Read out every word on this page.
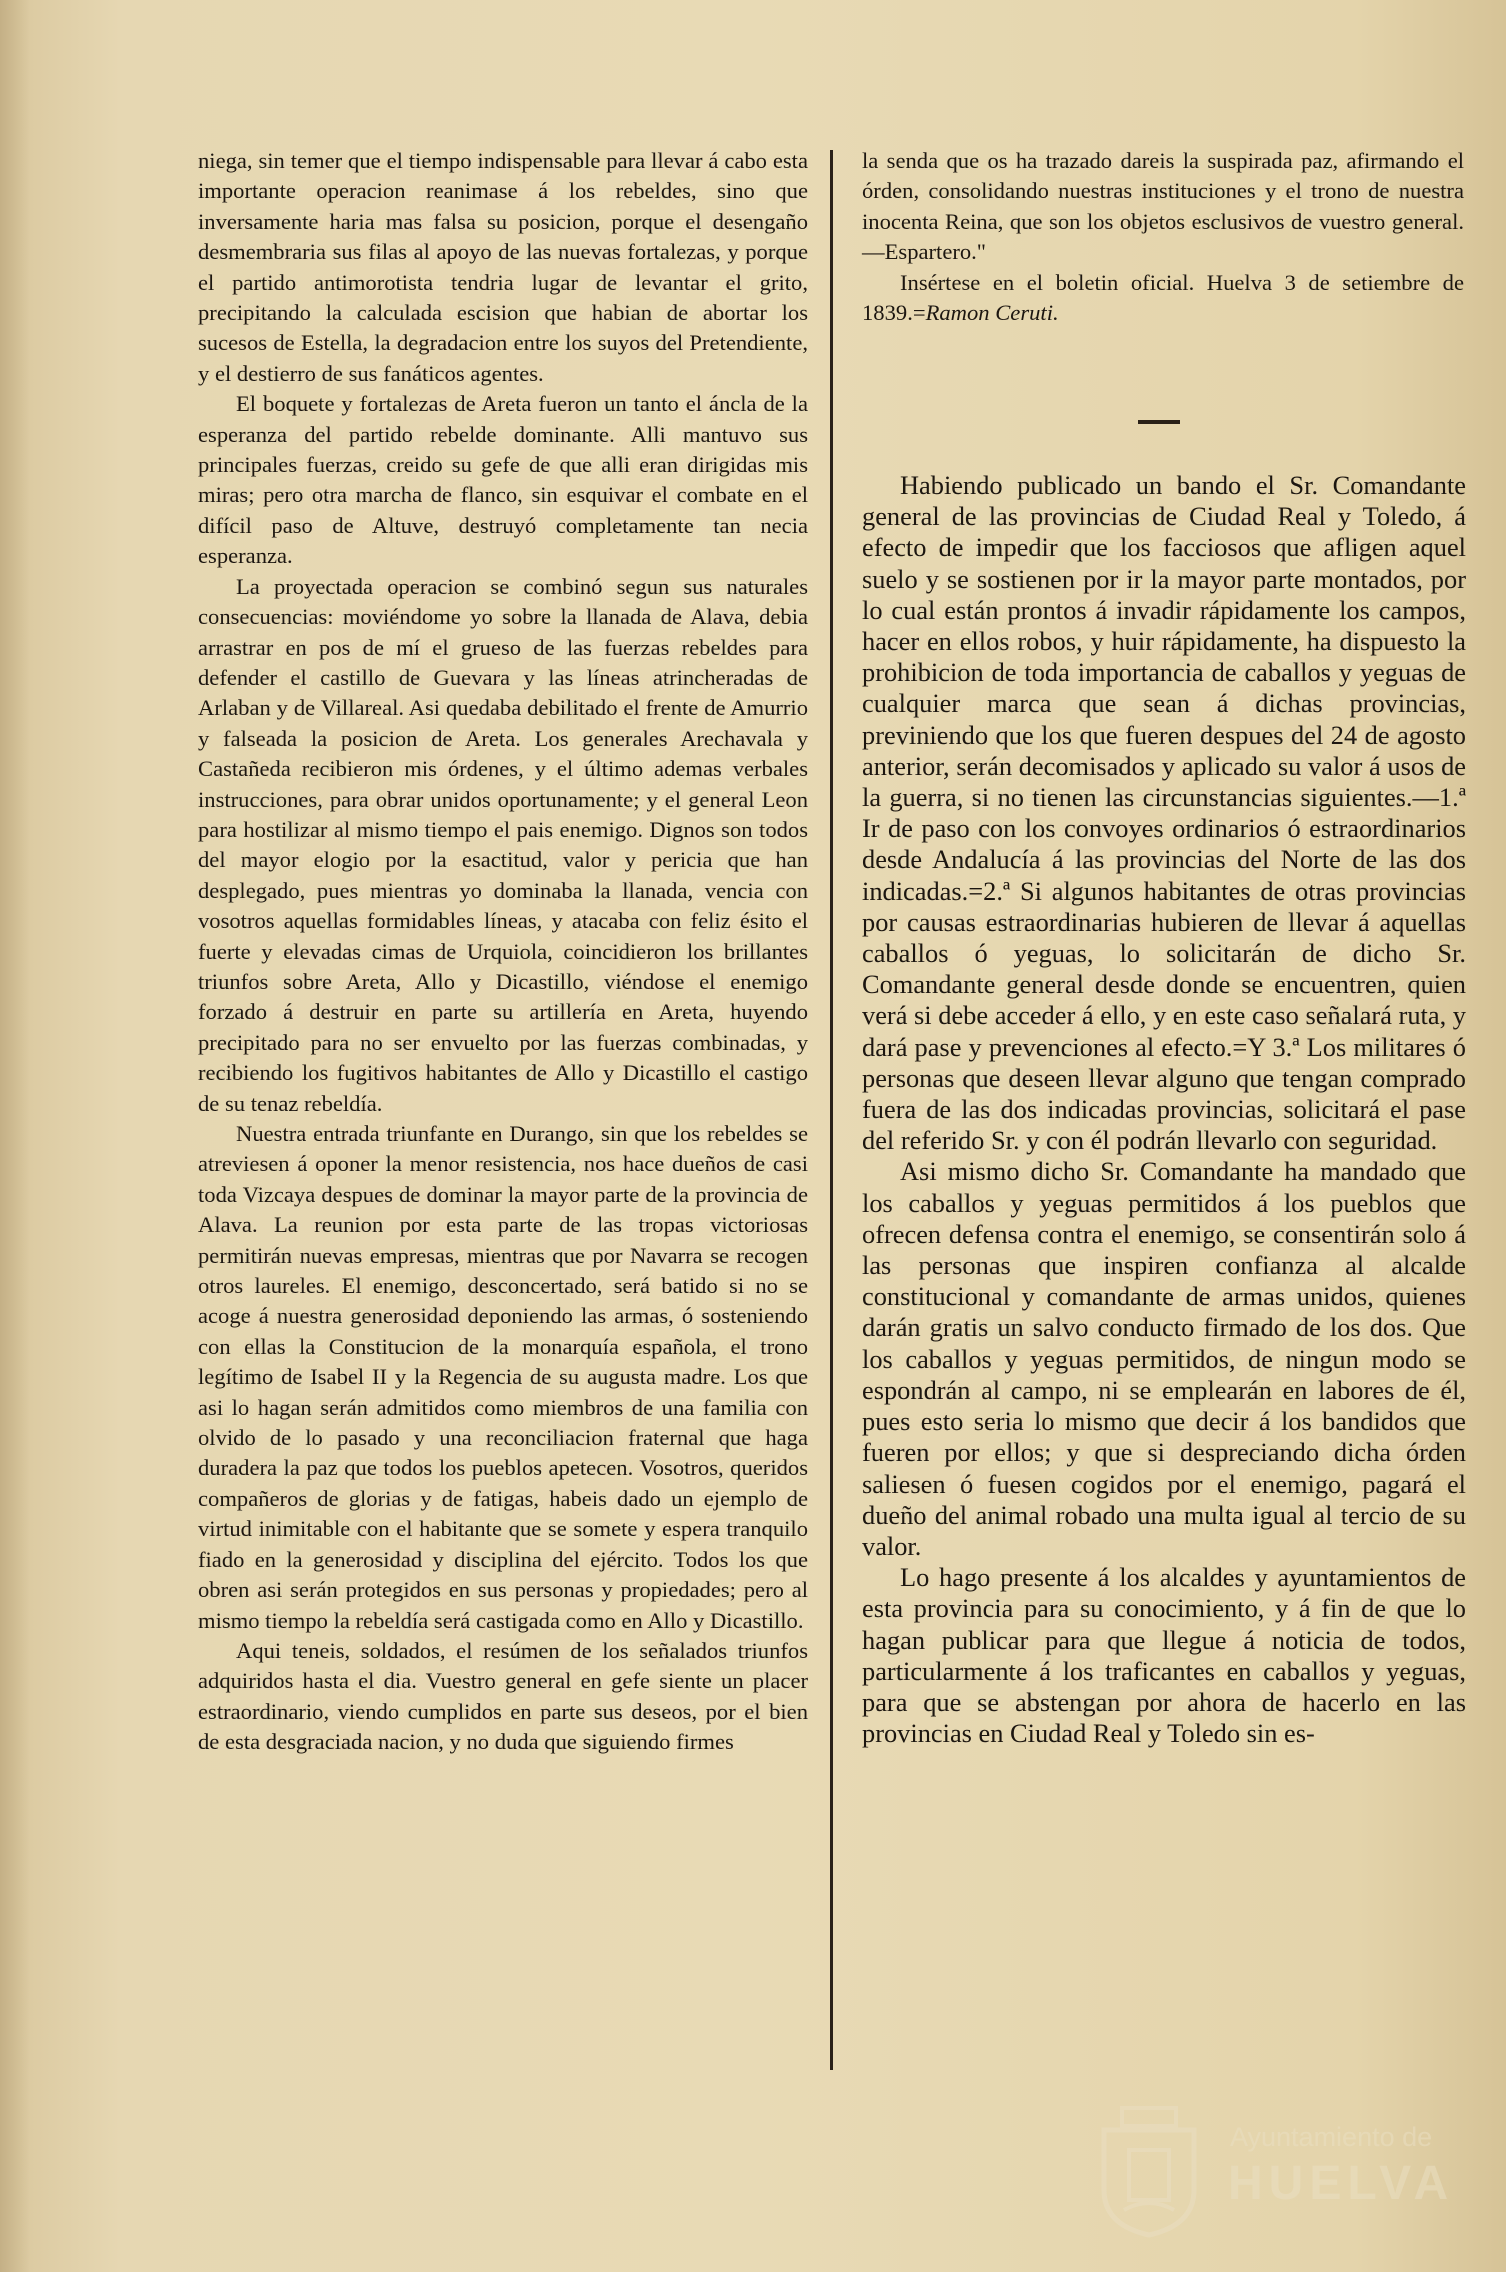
niega, sin temer que el tiempo indispensable para llevar á cabo esta importante operacion reanimase á los rebeldes, sino que inversamente haria mas falsa su posicion, porque el desengaño desmembraria sus filas al apoyo de las nuevas fortalezas, y porque el partido antimorotista tendria lugar de levantar el grito, precipitando la calculada escision que habian de abortar los sucesos de Estella, la degradacion entre los suyos del Pretendiente, y el destierro de sus fanáticos agentes.

El boquete y fortalezas de Areta fueron un tanto el áncla de la esperanza del partido rebelde dominante. Alli mantuvo sus principales fuerzas, creido su gefe de que alli eran dirigidas mis miras; pero otra marcha de flanco, sin esquivar el combate en el difícil paso de Altuve, destruyó completamente tan necia esperanza.

La proyectada operacion se combinó segun sus naturales consecuencias: moviéndome yo sobre la llanada de Alava, debia arrastrar en pos de mí el grueso de las fuerzas rebeldes para defender el castillo de Guevara y las líneas atrincheradas de Arlaban y de Villareal. Asi quedaba debilitado el frente de Amurrio y falseada la posicion de Areta. Los generales Arechavala y Castañeda recibieron mis órdenes, y el último ademas verbales instrucciones, para obrar unidos oportunamente; y el general Leon para hostilizar al mismo tiempo el pais enemigo. Dignos son todos del mayor elogio por la esactitud, valor y pericia que han desplegado, pues mientras yo dominaba la llanada, vencia con vosotros aquellas formidables líneas, y atacaba con feliz ésito el fuerte y elevadas cimas de Urquiola, coincidieron los brillantes triunfos sobre Areta, Allo y Dicastillo, viéndose el enemigo forzado á destruir en parte su artillería en Areta, huyendo precipitado para no ser envuelto por las fuerzas combinadas, y recibiendo los fugitivos habitantes de Allo y Dicastillo el castigo de su tenaz rebeldía.

Nuestra entrada triunfante en Durango, sin que los rebeldes se atreviesen á oponer la menor resistencia, nos hace dueños de casi toda Vizcaya despues de dominar la mayor parte de la provincia de Alava. La reunion por esta parte de las tropas victoriosas permitirán nuevas empresas, mientras que por Navarra se recogen otros laureles. El enemigo, desconcertado, será batido si no se acoge á nuestra generosidad deponiendo las armas, ó sosteniendo con ellas la Constitucion de la monarquía española, el trono legítimo de Isabel II y la Regencia de su augusta madre. Los que asi lo hagan serán admitidos como miembros de una familia con olvido de lo pasado y una reconciliacion fraternal que haga duradera la paz que todos los pueblos apetecen. Vosotros, queridos compañeros de glorias y de fatigas, habeis dado un ejemplo de virtud inimitable con el habitante que se somete y espera tranquilo fiado en la generosidad y disciplina del ejército. Todos los que obren asi serán protegidos en sus personas y propiedades; pero al mismo tiempo la rebeldía será castigada como en Allo y Dicastillo.

Aqui teneis, soldados, el resúmen de los señalados triunfos adquiridos hasta el dia. Vuestro general en gefe siente un placer estraordinario, viendo cumplidos en parte sus deseos, por el bien de esta desgraciada nacion, y no duda que siguiendo firmes

la senda que os ha trazado dareis la suspirada paz, afirmando el órden, consolidando nuestras instituciones y el trono de nuestra inocenta Reina, que son los objetos esclusivos de vuestro general.—Espartero."

Insértese en el boletin oficial. Huelva 3 de setiembre de 1839.=Ramon Ceruti.

Habiendo publicado un bando el Sr. Comandante general de las provincias de Ciudad Real y Toledo, á efecto de impedir que los facciosos que afligen aquel suelo y se sostienen por ir la mayor parte montados, por lo cual están prontos á invadir rápidamente los campos, hacer en ellos robos, y huir rápidamente, ha dispuesto la prohibicion de toda importancia de caballos y yeguas de cualquier marca que sean á dichas provincias, previniendo que los que fueren despues del 24 de agosto anterior, serán decomisados y aplicado su valor á usos de la guerra, si no tienen las circunstancias siguientes.—1.ª Ir de paso con los convoyes ordinarios ó estraordinarios desde Andalucía á las provincias del Norte de las dos indicadas.=2.ª Si algunos habitantes de otras provincias por causas estraordinarias hubieren de llevar á aquellas caballos ó yeguas, lo solicitarán de dicho Sr. Comandante general desde donde se encuentren, quien verá si debe acceder á ello, y en este caso señalará ruta, y dará pase y prevenciones al efecto.=Y 3.ª Los militares ó personas que deseen llevar alguno que tengan comprado fuera de las dos indicadas provincias, solicitará el pase del referido Sr. y con él podrán llevarlo con seguridad.

Asi mismo dicho Sr. Comandante ha mandado que los caballos y yeguas permitidos á los pueblos que ofrecen defensa contra el enemigo, se consentirán solo á las personas que inspiren confianza al alcalde constitucional y comandante de armas unidos, quienes darán gratis un salvo conducto firmado de los dos. Que los caballos y yeguas permitidos, de ningun modo se espondrán al campo, ni se emplearán en labores de él, pues esto seria lo mismo que decir á los bandidos que fueren por ellos; y que si despreciando dicha órden saliesen ó fuesen cogidos por el enemigo, pagará el dueño del animal robado una multa igual al tercio de su valor.

Lo hago presente á los alcaldes y ayuntamientos de esta provincia para su conocimiento, y á fin de que lo hagan publicar para que llegue á noticia de todos, particularmente á los traficantes en caballos y yeguas, para que se abstengan por ahora de hacerlo en las provincias en Ciudad Real y Toledo sin es-

Ayuntamiento de
HUELVA
